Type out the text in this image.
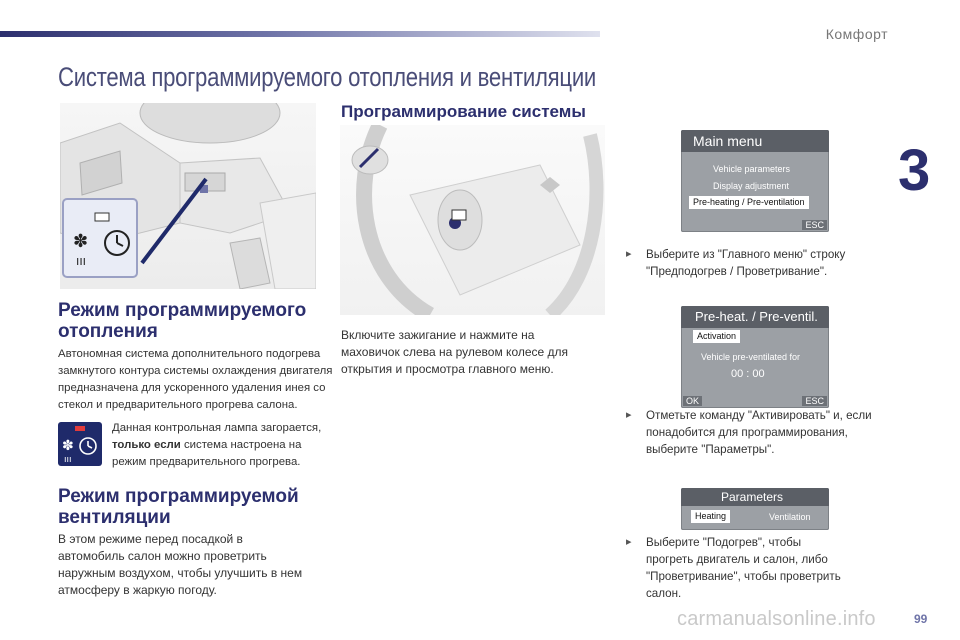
Комфорт
3
Система программируемого отопления и вентиляции
✽
ııı
Режим программируемого
отопления
Автономная система дополнительного подогрева
замкнутого контура системы охлаждения двигателя
предназначена для ускоренного удаления инея со
стекол и предварительного прогрева салона.
✽
ııı
Данная контрольная лампа загорается,
только если система настроена на
режим предварительного прогрева.
Режим программируемой
вентиляции
В этом режиме перед посадкой в
автомобиль салон можно проветрить
наружным воздухом, чтобы улучшить в нем
атмосферу в жаркую погоду.
Программирование системы
Включите зажигание и нажмите на
маховичок слева на рулевом колесе для
открытия и просмотра главного меню.
Main menu
Vehicle parameters
Display adjustment
Pre-heating / Pre-ventilation
ESC
▸ Выберите из "Главного меню" строку
"Предподогрев / Проветривание".
Pre-heat. / Pre-ventil.
Activation
Vehicle pre-ventilated for
00 : 00
OK	ESC
▸ Отметьте команду "Активировать" и, если
понадобится для программирования,
выберите "Параметры".
Parameters
Heating	Ventilation
▸ Выберите "Подогрев", чтобы
прогреть двигатель и салон, либо
"Проветривание", чтобы проветрить
салон.
carmanualsonline.info	99
